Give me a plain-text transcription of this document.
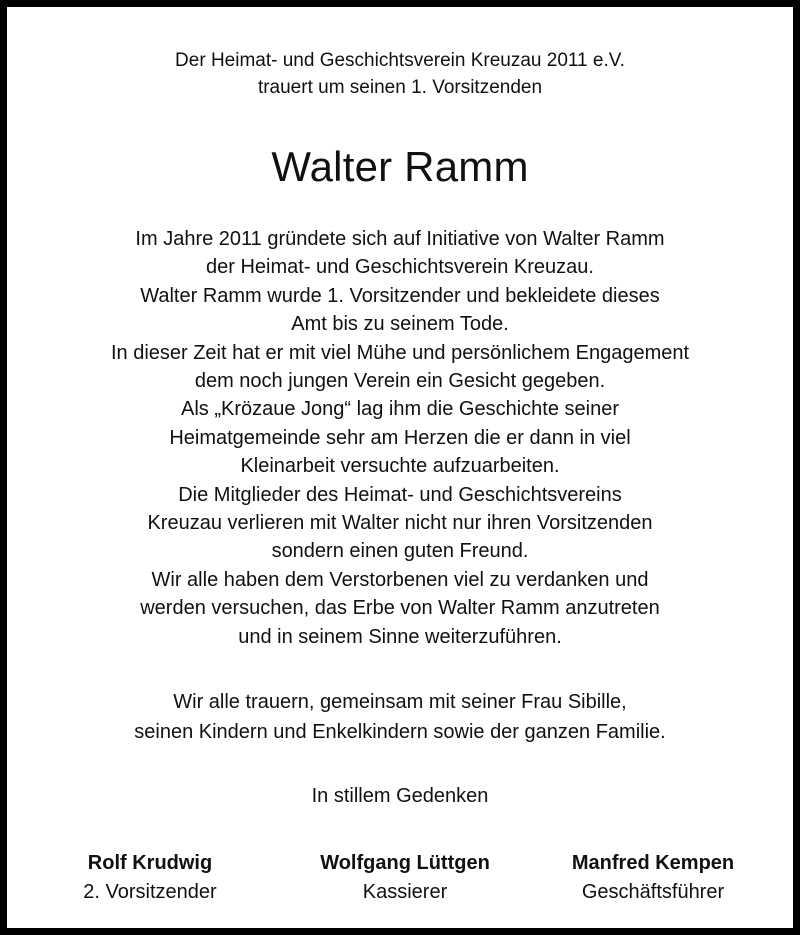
Der Heimat- und Geschichtsverein Kreuzau 2011 e.V.
trauert um seinen 1. Vorsitzenden
Walter Ramm
Im Jahre 2011 gründete sich auf Initiative von Walter Ramm
der Heimat- und Geschichtsverein Kreuzau.
Walter Ramm wurde 1. Vorsitzender und bekleidete dieses
Amt bis zu seinem Tode.
In dieser Zeit hat er mit viel Mühe und persönlichem Engagement
dem noch jungen Verein ein Gesicht gegeben.
Als „Krözaue Jong“ lag ihm die Geschichte seiner
Heimatgemeinde sehr am Herzen die er dann in viel
Kleinarbeit versuchte aufzuarbeiten.
Die Mitglieder des Heimat- und Geschichtsvereins
Kreuzau verlieren mit Walter nicht nur ihren Vorsitzenden
sondern einen guten Freund.
Wir alle haben dem Verstorbenen viel zu verdanken und
werden versuchen, das Erbe von Walter Ramm anzutreten
und in seinem Sinne weiterzuführen.
Wir alle trauern, gemeinsam mit seiner Frau Sibille,
seinen Kindern und Enkelkindern sowie der ganzen Familie.
In stillem Gedenken
Rolf Krudwig
2. Vorsitzender
Wolfgang Lüttgen
Kassierer
Manfred Kempen
Geschäftsführer
